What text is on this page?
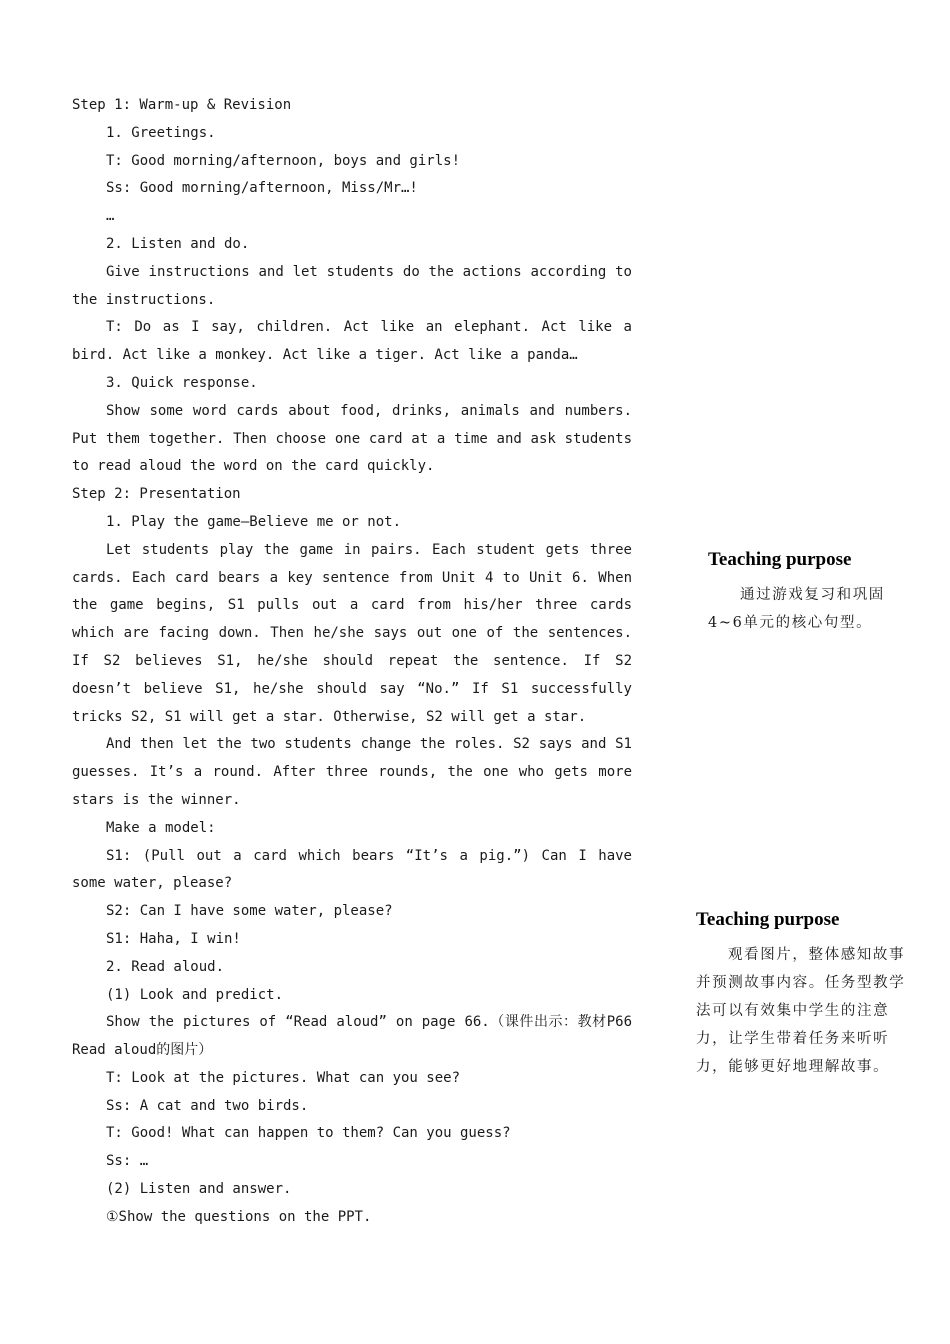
Step 1: Warm-up & Revision

1. Greetings.

T: Good morning/afternoon, boys and girls!

Ss: Good morning/afternoon, Miss/Mr…!

…

2. Listen and do.

Give instructions and let students do the actions according to the instructions.

T: Do as I say, children. Act like an elephant. Act like a bird. Act like a monkey. Act like a tiger. Act like a panda…

3. Quick response.

Show some word cards about food, drinks, animals and numbers. Put them together. Then choose one card at a time and ask students to read aloud the word on the card quickly.

Step 2: Presentation

1. Play the game—Believe me or not.

Let students play the game in pairs. Each student gets three cards. Each card bears a key sentence from Unit 4 to Unit 6. When the game begins, S1 pulls out a card from his/her three cards which are facing down. Then he/she says out one of the sentences. If S2 believes S1, he/she should repeat the sentence. If S2 doesn’t believe S1, he/she should say “No.” If S1 successfully tricks S2, S1 will get a star. Otherwise, S2 will get a star.

And then let the two students change the roles. S2 says and S1 guesses. It’s a round. After three rounds, the one who gets more stars is the winner.

Make a model:

S1: (Pull out a card which bears “It’s a pig.”) Can I have some water, please?

S2: Can I have some water, please?

S1: Haha, I win!

2. Read aloud.

(1) Look and predict.

Show the pictures of “Read aloud” on page 66.（课件出示：教材P66 Read aloud的图片）

T: Look at the pictures. What can you see?

Ss: A cat and two birds.

T: Good! What can happen to them? Can you guess?

Ss: …

(2) Listen and answer.

①Show the questions on the PPT.

Teaching purpose

通过游戏复习和巩固4~6单元的核心句型。

Teaching purpose

观看图片，整体感知故事并预测故事内容。任务型教学法可以有效集中学生的注意力，让学生带着任务来听听力，能够更好地理解故事。
